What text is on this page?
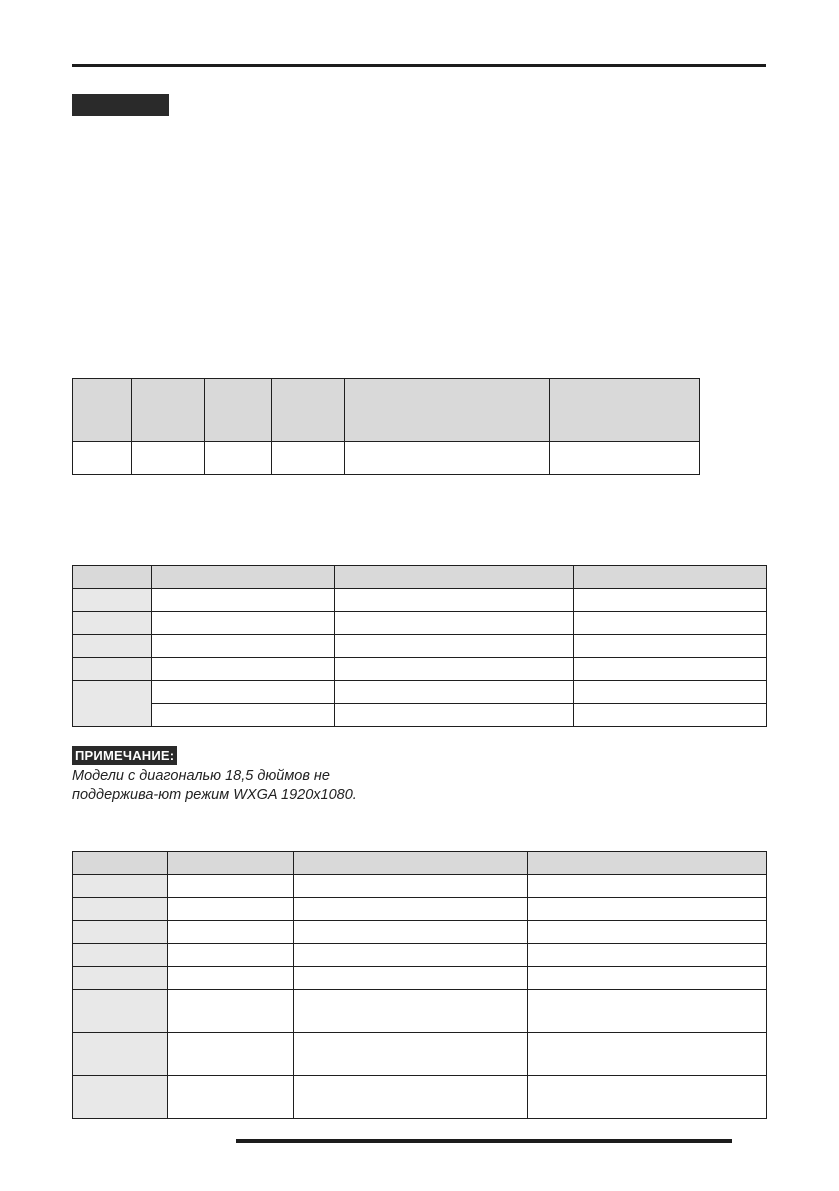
ПРИМЕЧАНИЕ:
Модели с диагональю 18,5 дюймов не поддержива-ют режим WXGA 1920x1080.
